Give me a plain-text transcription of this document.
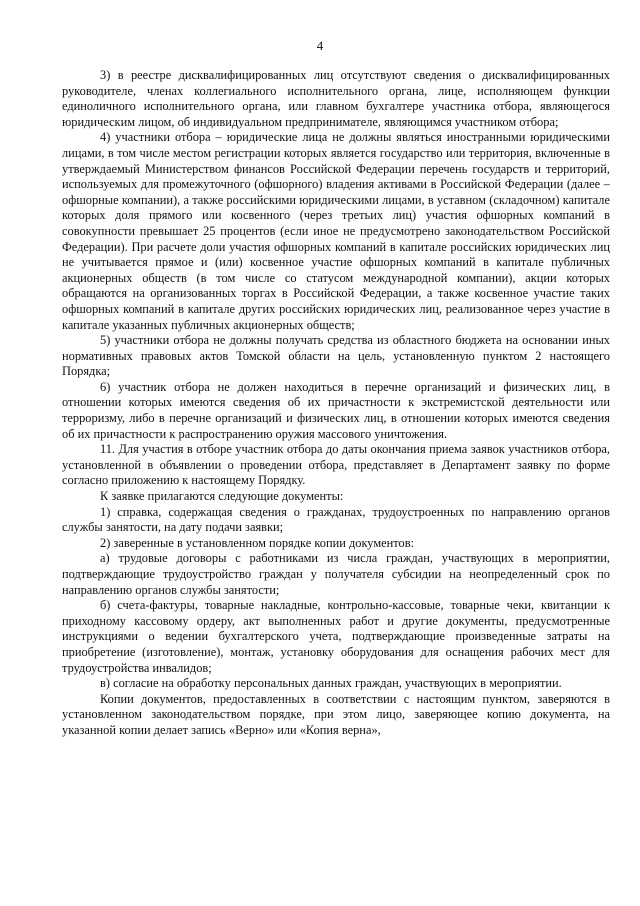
4

3) в реестре дисквалифицированных лиц отсутствуют сведения о дисквалифицированных руководителе, членах коллегиального исполнительного органа, лице, исполняющем функции единоличного исполнительного органа, или главном бухгалтере участника отбора, являющегося юридическим лицом, об индивидуальном предпринимателе, являющимся участником отбора;

4) участники отбора – юридические лица не должны являться иностранными юридическими лицами, в том числе местом регистрации которых является государство или территория, включенные в утверждаемый Министерством финансов Российской Федерации перечень государств и территорий, используемых для промежуточного (офшорного) владения активами в Российской Федерации (далее – офшорные компании), а также российскими юридическими лицами, в уставном (складочном) капитале которых доля прямого или косвенного (через третьих лиц) участия офшорных компаний в совокупности превышает 25 процентов (если иное не предусмотрено законодательством Российской Федерации). При расчете доли участия офшорных компаний в капитале российских юридических лиц не учитывается прямое и (или) косвенное участие офшорных компаний в капитале публичных акционерных обществ (в том числе со статусом международной компании), акции которых обращаются на организованных торгах в Российской Федерации, а также косвенное участие таких офшорных компаний в капитале других российских юридических лиц, реализованное через участие в капитале указанных публичных акционерных обществ;

5) участники отбора не должны получать средства из областного бюджета на основании иных нормативных правовых актов Томской области на цель, установленную пунктом 2 настоящего Порядка;

6) участник отбора не должен находиться в перечне организаций и физических лиц, в отношении которых имеются сведения об их причастности к экстремистской деятельности или терроризму, либо в перечне организаций и физических лиц, в отношении которых имеются сведения об их причастности к распространению оружия массового уничтожения.

11. Для участия в отборе участник отбора до даты окончания приема заявок участников отбора, установленной в объявлении о проведении отбора, представляет в Департамент заявку по форме согласно приложению к настоящему Порядку.

К заявке прилагаются следующие документы:

1) справка, содержащая сведения о гражданах, трудоустроенных по направлению органов службы занятости, на дату подачи заявки;

2) заверенные в установленном порядке копии документов:

а) трудовые договоры с работниками из числа граждан, участвующих в мероприятии, подтверждающие трудоустройство граждан у получателя субсидии на неопределенный срок по направлению органов службы занятости;

б) счета-фактуры, товарные накладные, контрольно-кассовые, товарные чеки, квитанции к приходному кассовому ордеру, акт выполненных работ и другие документы, предусмотренные инструкциями о ведении бухгалтерского учета, подтверждающие произведенные затраты на приобретение (изготовление), монтаж, установку оборудования для оснащения рабочих мест для трудоустройства инвалидов;

в) согласие на обработку персональных данных граждан, участвующих в мероприятии.

Копии документов, предоставленных в соответствии с настоящим пунктом, заверяются в установленном законодательством порядке, при этом лицо, заверяющее копию документа, на указанной копии делает запись «Верно» или «Копия верна»,
